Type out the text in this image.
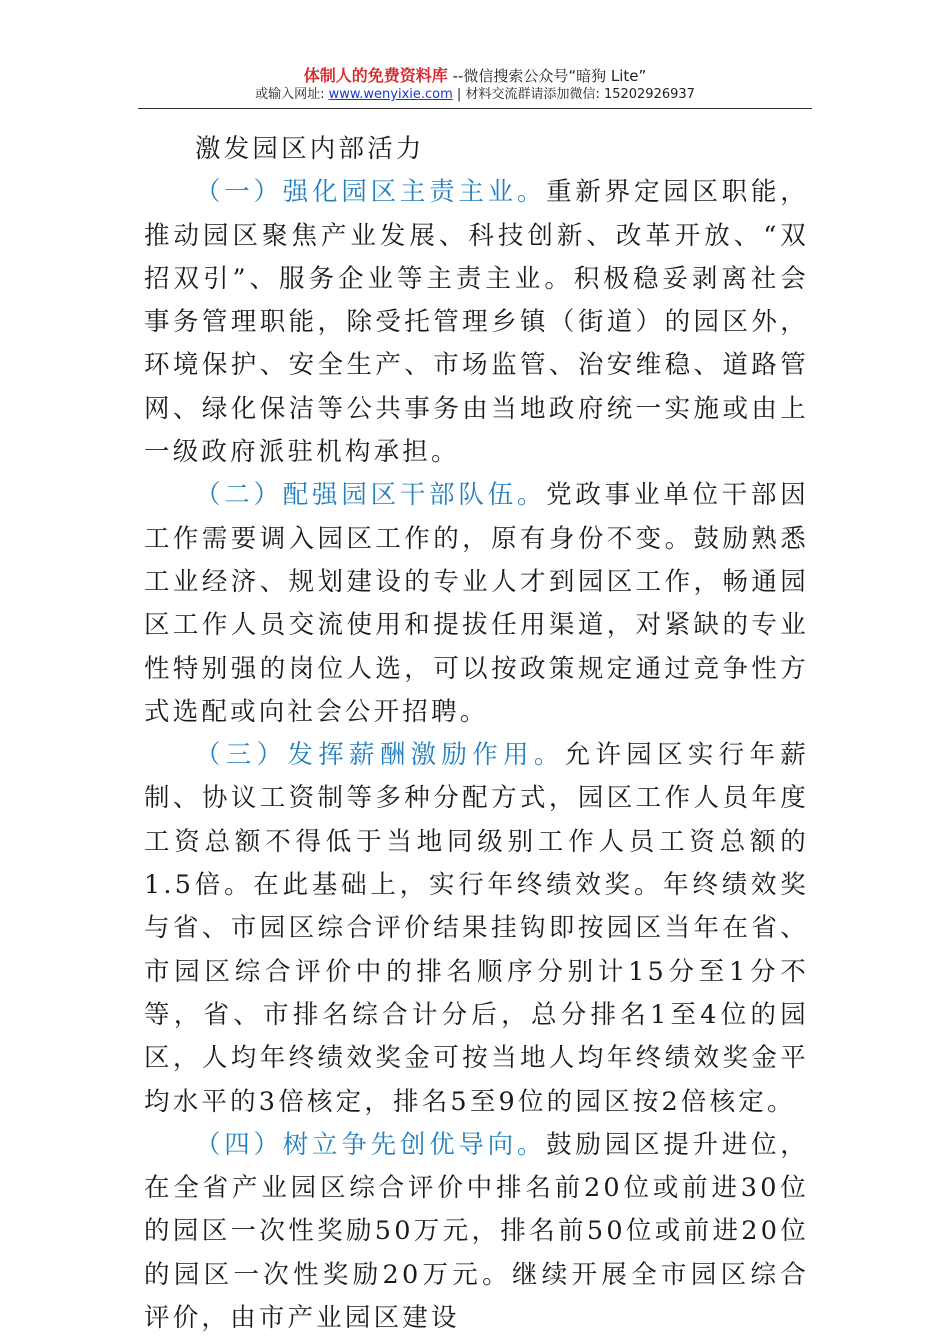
体制人的免费资料库 --微信搜索公众号“暗狗 Lite”
或输入网址: www.wenyixie.com | 材料交流群请添加微信: 15202926937

激发园区内部活力

（一）强化园区主责主业。重新界定园区职能，推动园区聚焦产业发展、科技创新、改革开放、“双招双引”、服务企业等主责主业。积极稳妥剥离社会事务管理职能，除受托管理乡镇（街道）的园区外，环境保护、安全生产、市场监管、治安维稳、道路管网、绿化保洁等公共事务由当地政府统一实施或由上一级政府派驻机构承担。

（二）配强园区干部队伍。党政事业单位干部因工作需要调入园区工作的，原有身份不变。鼓励熟悉工业经济、规划建设的专业人才到园区工作，畅通园区工作人员交流使用和提拔任用渠道，对紧缺的专业性特别强的岗位人选，可以按政策规定通过竞争性方式选配或向社会公开招聘。

（三）发挥薪酬激励作用。允许园区实行年薪制、协议工资制等多种分配方式，园区工作人员年度工资总额不得低于当地同级别工作人员工资总额的1.5倍。在此基础上，实行年终绩效奖。年终绩效奖与省、市园区综合评价结果挂钩即按园区当年在省、市园区综合评价中的排名顺序分别计15分至1分不等，省、市排名综合计分后，总分排名1至4位的园区，人均年终绩效奖金可按当地人均年终绩效奖金平均水平的3倍核定，排名5至9位的园区按2倍核定。

（四）树立争先创优导向。鼓励园区提升进位，在全省产业园区综合评价中排名前20位或前进30位的园区一次性奖励50万元，排名前50位或前进20位的园区一次性奖励20万元。继续开展全市园区综合评价，由市产业园区建设
